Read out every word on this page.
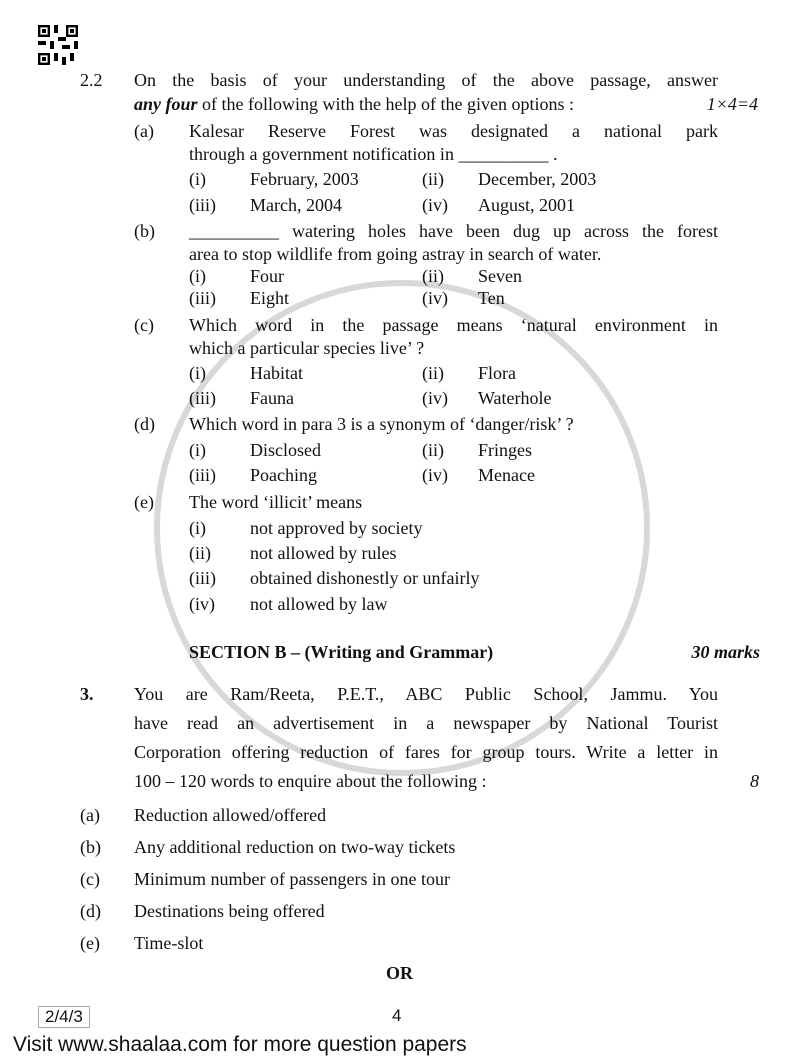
2.2 On the basis of your understanding of the above passage, answer
any four of the following with the help of the given options :	1×4=4
(a) Kalesar Reserve Forest was designated a national park
through a government notification in __________ .
(i) February, 2003	(ii) December, 2003
(iii) March, 2004	(iv) August, 2001
(b) __________ watering holes have been dug up across the forest
area to stop wildlife from going astray in search of water.
(i) Four	(ii) Seven
(iii) Eight	(iv) Ten
(c) Which word in the passage means ‘natural environment in
which a particular species live’ ?
(i) Habitat	(ii) Flora
(iii) Fauna	(iv) Waterhole
(d) Which word in para 3 is a synonym of ‘danger/risk’ ?
(i) Disclosed	(ii) Fringes
(iii) Poaching	(iv) Menace
(e) The word ‘illicit’ means
(i) not approved by society
(ii) not allowed by rules
(iii) obtained dishonestly or unfairly
(iv) not allowed by law
SECTION B – (Writing and Grammar)	30 marks
3. You are Ram/Reeta, P.E.T., ABC Public School, Jammu. You
have read an advertisement in a newspaper by National Tourist
Corporation offering reduction of fares for group tours. Write a letter in
100 – 120 words to enquire about the following :	8
(a) Reduction allowed/offered
(b) Any additional reduction on two-way tickets
(c) Minimum number of passengers in one tour
(d) Destinations being offered
(e) Time-slot
OR
2/4/3	4
Visit www.shaalaa.com for more question papers
